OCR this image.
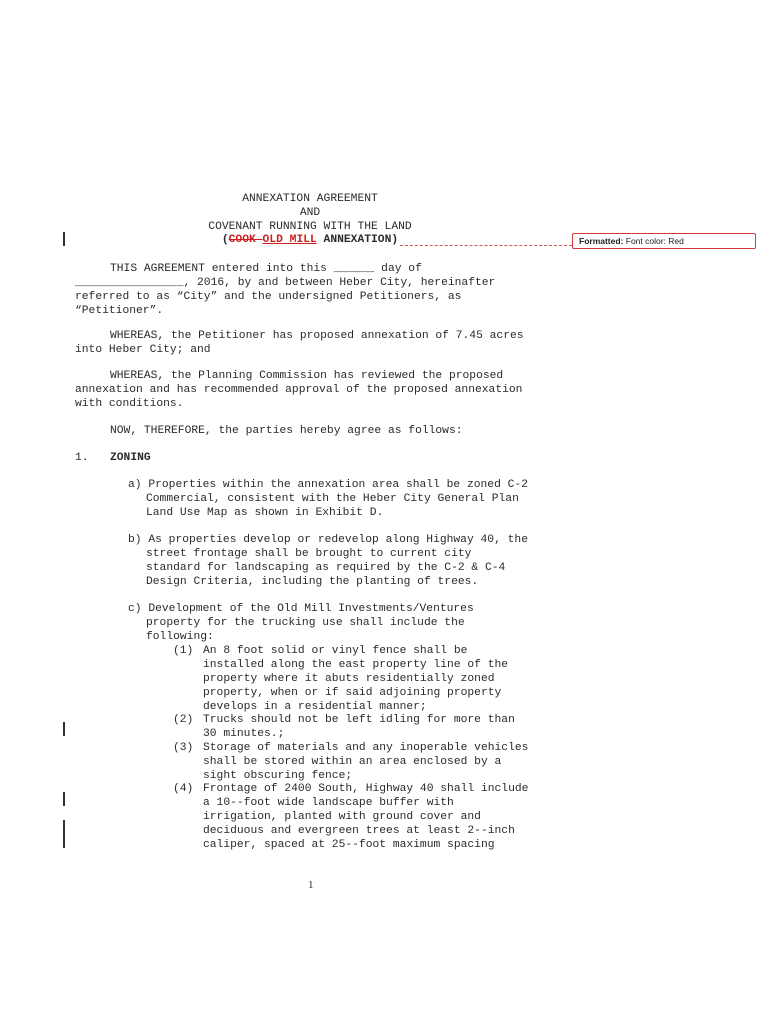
ANNEXATION AGREEMENT
AND
COVENANT RUNNING WITH THE LAND
(COOK OLD MILL ANNEXATION)	Formatted: Font color: Red
THIS AGREEMENT entered into this ______ day of
________________, 2016, by and between Heber City, hereinafter
referred to as “City” and the undersigned Petitioners, as
“Petitioner”.
WHEREAS, the Petitioner has proposed annexation of 7.45 acres
into Heber City; and
WHEREAS, the Planning Commission has reviewed the proposed
annexation and has recommended approval of the proposed annexation
with conditions.
NOW, THEREFORE, the parties hereby agree as follows:
1. ZONING
a) Properties within the annexation area shall be zoned C-2
Commercial, consistent with the Heber City General Plan
Land Use Map as shown in Exhibit D.
b) As properties develop or redevelop along Highway 40, the
street frontage shall be brought to current city
standard for landscaping as required by the C-2 & C-4
Design Criteria, including the planting of trees.
c) Development of the Old Mill Investments/Ventures
property for the trucking use shall include the
following:
(1) An 8 foot solid or vinyl fence shall be
installed along the east property line of the
property where it abuts residentially zoned
property, when or if said adjoining property
develops in a residential manner;
(2) Trucks should not be left idling for more than
30 minutes.;
(3) Storage of materials and any inoperable vehicles
shall be stored within an area enclosed by a
sight obscuring fence;
(4) Frontage of 2400 South, Highway 40 shall include
a 10--foot wide landscape buffer with
irrigation, planted with ground cover and
deciduous and evergreen trees at least 2--inch
caliper, spaced at 25--foot maximum spacing
1
